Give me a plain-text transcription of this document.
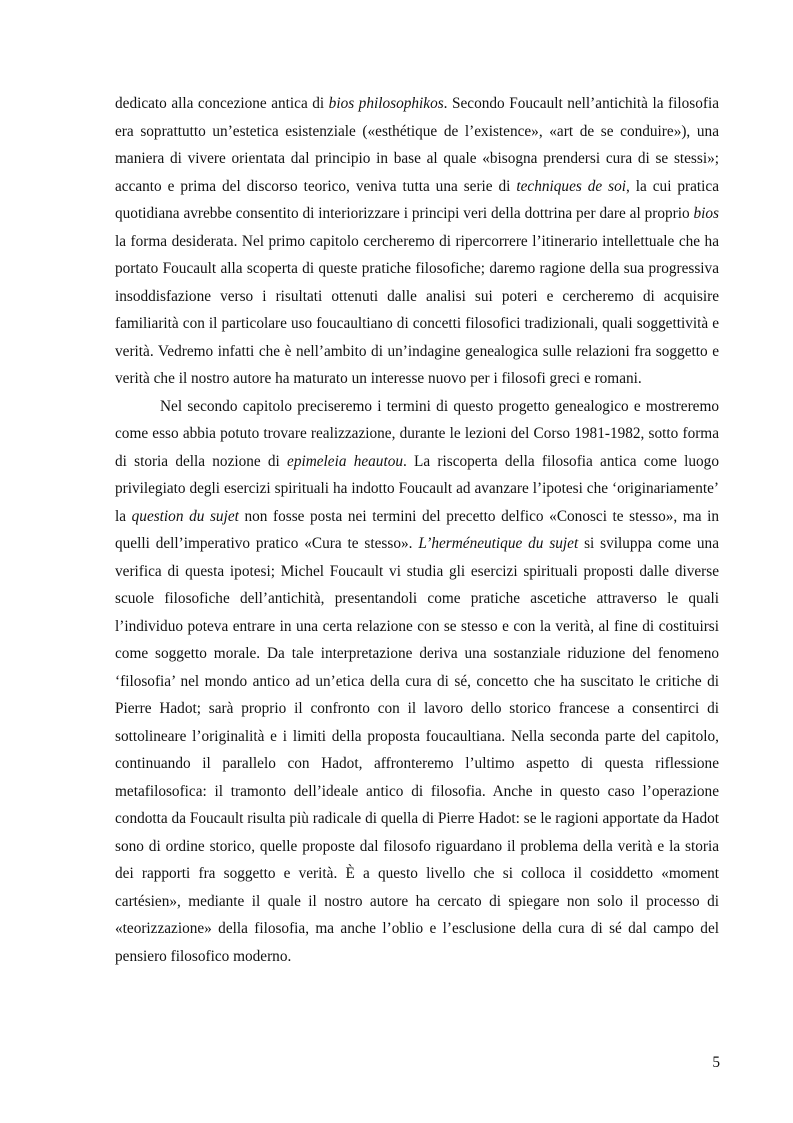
dedicato alla concezione antica di bios philosophikos. Secondo Foucault nell’antichità la filosofia era soprattutto un’estetica esistenziale («esthétique de l’existence», «art de se conduire»), una maniera di vivere orientata dal principio in base al quale «bisogna prendersi cura di se stessi»; accanto e prima del discorso teorico, veniva tutta una serie di techniques de soi, la cui pratica quotidiana avrebbe consentito di interiorizzare i principi veri della dottrina per dare al proprio bios la forma desiderata. Nel primo capitolo cercheremo di ripercorrere l’itinerario intellettuale che ha portato Foucault alla scoperta di queste pratiche filosofiche; daremo ragione della sua progressiva insoddisfazione verso i risultati ottenuti dalle analisi sui poteri e cercheremo di acquisire familiarità con il particolare uso foucaultiano di concetti filosofici tradizionali, quali soggettività e verità. Vedremo infatti che è nell’ambito di un’indagine genealogica sulle relazioni fra soggetto e verità che il nostro autore ha maturato un interesse nuovo per i filosofi greci e romani.

Nel secondo capitolo preciseremo i termini di questo progetto genealogico e mostreremo come esso abbia potuto trovare realizzazione, durante le lezioni del Corso 1981-1982, sotto forma di storia della nozione di epimeleia heautou. La riscoperta della filosofia antica come luogo privilegiato degli esercizi spirituali ha indotto Foucault ad avanzare l’ipotesi che ‘originariamente’ la question du sujet non fosse posta nei termini del precetto delfico «Conosci te stesso», ma in quelli dell’imperativo pratico «Cura te stesso». L’herméneutique du sujet si sviluppa come una verifica di questa ipotesi; Michel Foucault vi studia gli esercizi spirituali proposti dalle diverse scuole filosofiche dell’antichità, presentandoli come pratiche ascetiche attraverso le quali l’individuo poteva entrare in una certa relazione con se stesso e con la verità, al fine di costituirsi come soggetto morale. Da tale interpretazione deriva una sostanziale riduzione del fenomeno ‘filosofia’ nel mondo antico ad un’etica della cura di sé, concetto che ha suscitato le critiche di Pierre Hadot; sarà proprio il confronto con il lavoro dello storico francese a consentirci di sottolineare l’originalità e i limiti della proposta foucaultiana. Nella seconda parte del capitolo, continuando il parallelo con Hadot, affronteremo l’ultimo aspetto di questa riflessione metafilosofica: il tramonto dell’ideale antico di filosofia. Anche in questo caso l’operazione condotta da Foucault risulta più radicale di quella di Pierre Hadot: se le ragioni apportate da Hadot sono di ordine storico, quelle proposte dal filosofo riguardano il problema della verità e la storia dei rapporti fra soggetto e verità. È a questo livello che si colloca il cosiddetto «moment cartésien», mediante il quale il nostro autore ha cercato di spiegare non solo il processo di «teorizzazione» della filosofia, ma anche l’oblio e l’esclusione della cura di sé dal campo del pensiero filosofico moderno.

5
